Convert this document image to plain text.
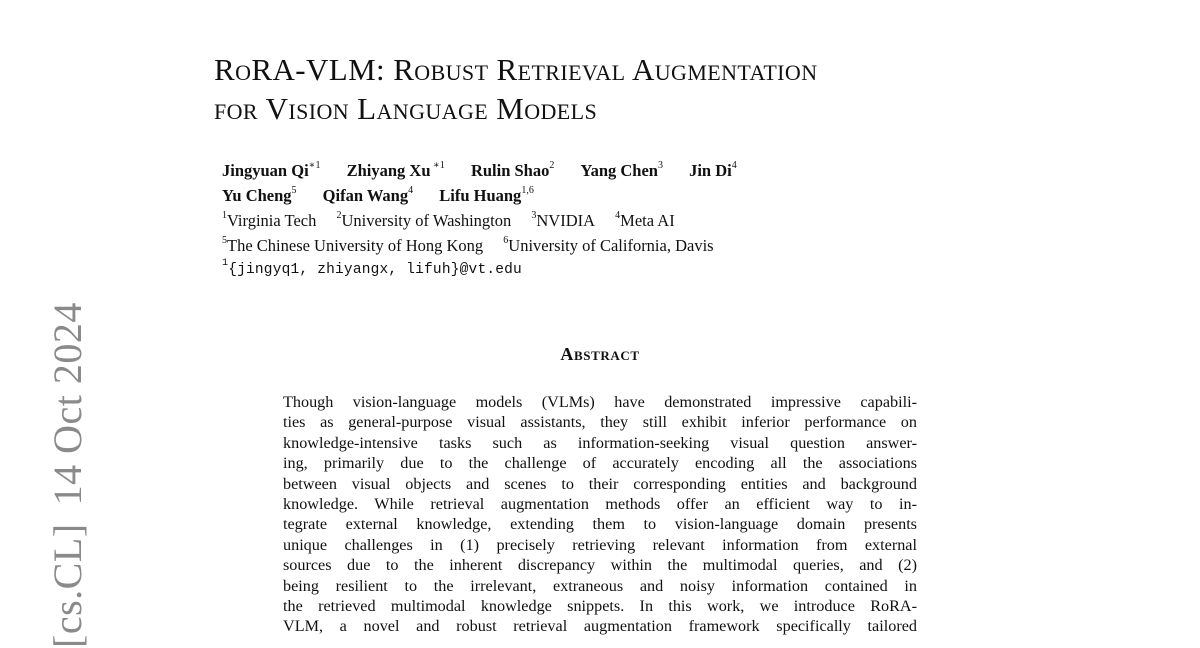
[cs.CL]14 Oct 2024
RoRA-VLM: Robust Retrieval Augmentation
for Vision Language Models
Jingyuan $Qi^{∗1}$ Zhiyang Xu $^{∗1}$ Rulin Shao$^2$ Yang Chen$^3$ Jin Di$^4$
Yu Cheng$^5$ Qifan Wang$^4$ Lifu Huang$^{1,6}$
$^1$Virginia Tech $^2$University of Washington $^3$NVIDIA $^4$Meta AI
$^5$The Chinese University of Hong Kong $^6$University of California, Davis
$^1${jingyq1, zhiyangx, lifuh}@vt.edu
Abstract
Though vision-language models (VLMs) have demonstrated impressive capabili-
ties as general-purpose visual assistants, they still exhibit inferior performance on
knowledge-intensive tasks such as information-seeking visual question answer-
ing, primarily due to the challenge of accurately encoding all the associations
between visual objects and scenes to their corresponding entities and background
knowledge. While retrieval augmentation methods offer an efficient way to in-
tegrate external knowledge, extending them to vision-language domain presents
unique challenges in (1) precisely retrieving relevant information from external
sources due to the inherent discrepancy within the multimodal queries, and (2)
being resilient to the irrelevant, extraneous and noisy information contained in
the retrieved multimodal knowledge snippets. In this work, we introduce RoRA-
VLM, a novel and robust retrieval augmentation framework specifically tailored
